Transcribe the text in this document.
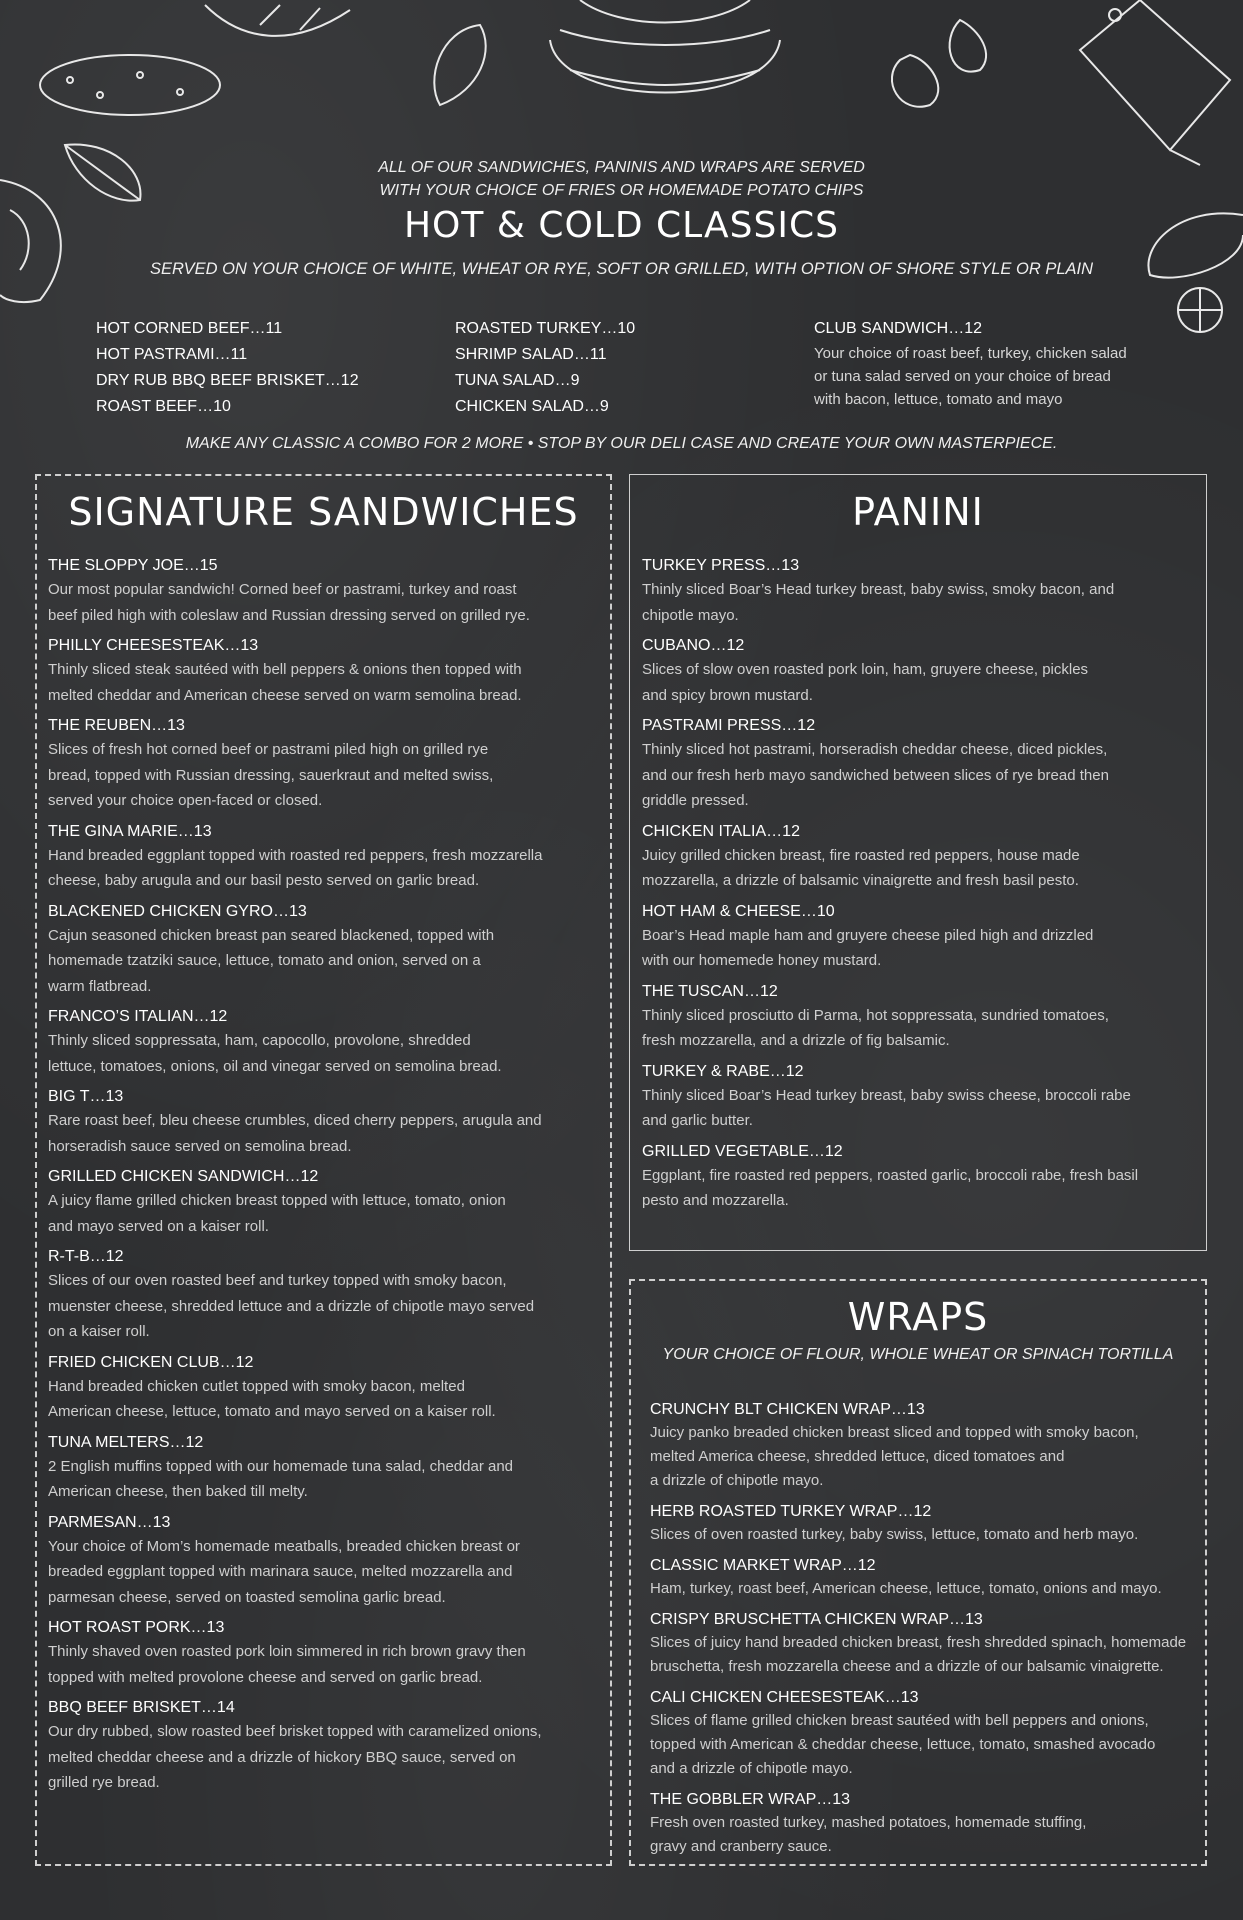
ALL OF OUR SANDWICHES, PANINIS AND WRAPS ARE SERVED
WITH YOUR CHOICE OF FRIES OR HOMEMADE POTATO CHIPS
HOT & COLD CLASSICS
SERVED ON YOUR CHOICE OF WHITE, WHEAT OR RYE, SOFT OR GRILLED, WITH OPTION OF SHORE STYLE OR PLAIN
HOT CORNED BEEF…11
HOT PASTRAMI…11
DRY RUB BBQ BEEF BRISKET…12
ROAST BEEF…10
ROASTED TURKEY…10
SHRIMP SALAD…11
TUNA SALAD…9
CHICKEN SALAD…9
CLUB SANDWICH…12
Your choice of roast beef, turkey, chicken salad
or tuna salad served on your choice of bread
with bacon, lettuce, tomato and mayo
MAKE ANY CLASSIC A COMBO FOR 2 MORE • STOP BY OUR DELI CASE AND CREATE YOUR OWN MASTERPIECE.
SIGNATURE SANDWICHES
THE SLOPPY JOE…15
Our most popular sandwich! Corned beef or pastrami, turkey and roast
beef piled high with coleslaw and Russian dressing served on grilled rye.
PHILLY CHEESESTEAK…13
Thinly sliced steak sautéed with bell peppers & onions then topped with
melted cheddar and American cheese served on warm semolina bread.
THE REUBEN…13
Slices of fresh hot corned beef or pastrami piled high on grilled rye
bread, topped with Russian dressing, sauerkraut and melted swiss,
served your choice open-faced or closed.
THE GINA MARIE…13
Hand breaded eggplant topped with roasted red peppers, fresh mozzarella
cheese, baby arugula and our basil pesto served on garlic bread.
BLACKENED CHICKEN GYRO…13
Cajun seasoned chicken breast pan seared blackened, topped with
homemade tzatziki sauce, lettuce, tomato and onion, served on a
warm flatbread.
FRANCO’S ITALIAN…12
Thinly sliced soppressata, ham, capocollo, provolone, shredded
lettuce, tomatoes, onions, oil and vinegar served on semolina bread.
BIG T…13
Rare roast beef, bleu cheese crumbles, diced cherry peppers, arugula and
horseradish sauce served on semolina bread.
GRILLED CHICKEN SANDWICH…12
A juicy flame grilled chicken breast topped with lettuce, tomato, onion
and mayo served on a kaiser roll.
R-T-B…12
Slices of our oven roasted beef and turkey topped with smoky bacon,
muenster cheese, shredded lettuce and a drizzle of chipotle mayo served
on a kaiser roll.
FRIED CHICKEN CLUB…12
Hand breaded chicken cutlet topped with smoky bacon, melted
American cheese, lettuce, tomato and mayo served on a kaiser roll.
TUNA MELTERS…12
2 English muffins topped with our homemade tuna salad, cheddar and
American cheese, then baked till melty.
PARMESAN…13
Your choice of Mom’s homemade meatballs, breaded chicken breast or
breaded eggplant topped with marinara sauce, melted mozzarella and
parmesan cheese, served on toasted semolina garlic bread.
HOT ROAST PORK…13
Thinly shaved oven roasted pork loin simmered in rich brown gravy then
topped with melted provolone cheese and served on garlic bread.
BBQ BEEF BRISKET…14
Our dry rubbed, slow roasted beef brisket topped with caramelized onions,
melted cheddar cheese and a drizzle of hickory BBQ sauce, served on
grilled rye bread.
PANINI
TURKEY PRESS…13
Thinly sliced Boar’s Head turkey breast, baby swiss, smoky bacon, and
chipotle mayo.
CUBANO…12
Slices of slow oven roasted pork loin, ham, gruyere cheese, pickles
and spicy brown mustard.
PASTRAMI PRESS…12
Thinly sliced hot pastrami, horseradish cheddar cheese, diced pickles,
and our fresh herb mayo sandwiched between slices of rye bread then
griddle pressed.
CHICKEN ITALIA…12
Juicy grilled chicken breast, fire roasted red peppers, house made
mozzarella, a drizzle of balsamic vinaigrette and fresh basil pesto.
HOT HAM & CHEESE…10
Boar’s Head maple ham and gruyere cheese piled high and drizzled
with our homemede honey mustard.
THE TUSCAN…12
Thinly sliced prosciutto di Parma, hot soppressata, sundried tomatoes,
fresh mozzarella, and a drizzle of fig balsamic.
TURKEY & RABE…12
Thinly sliced Boar’s Head turkey breast, baby swiss cheese, broccoli rabe
and garlic butter.
GRILLED VEGETABLE…12
Eggplant, fire roasted red peppers, roasted garlic, broccoli rabe, fresh basil
pesto and mozzarella.
WRAPS
YOUR CHOICE OF FLOUR, WHOLE WHEAT OR SPINACH TORTILLA
CRUNCHY BLT CHICKEN WRAP…13
Juicy panko breaded chicken breast sliced and topped with smoky bacon,
melted America cheese, shredded lettuce, diced tomatoes and
a drizzle of chipotle mayo.
HERB ROASTED TURKEY WRAP…12
Slices of oven roasted turkey, baby swiss, lettuce, tomato and herb mayo.
CLASSIC MARKET WRAP…12
Ham, turkey, roast beef, American cheese, lettuce, tomato, onions and mayo.
CRISPY BRUSCHETTA CHICKEN WRAP…13
Slices of juicy hand breaded chicken breast, fresh shredded spinach, homemade
bruschetta, fresh mozzarella cheese and a drizzle of our balsamic vinaigrette.
CALI CHICKEN CHEESESTEAK…13
Slices of flame grilled chicken breast sautéed with bell peppers and onions,
topped with American & cheddar cheese, lettuce, tomato, smashed avocado
and a drizzle of chipotle mayo.
THE GOBBLER WRAP…13
Fresh oven roasted turkey, mashed potatoes, homemade stuffing,
gravy and cranberry sauce.
